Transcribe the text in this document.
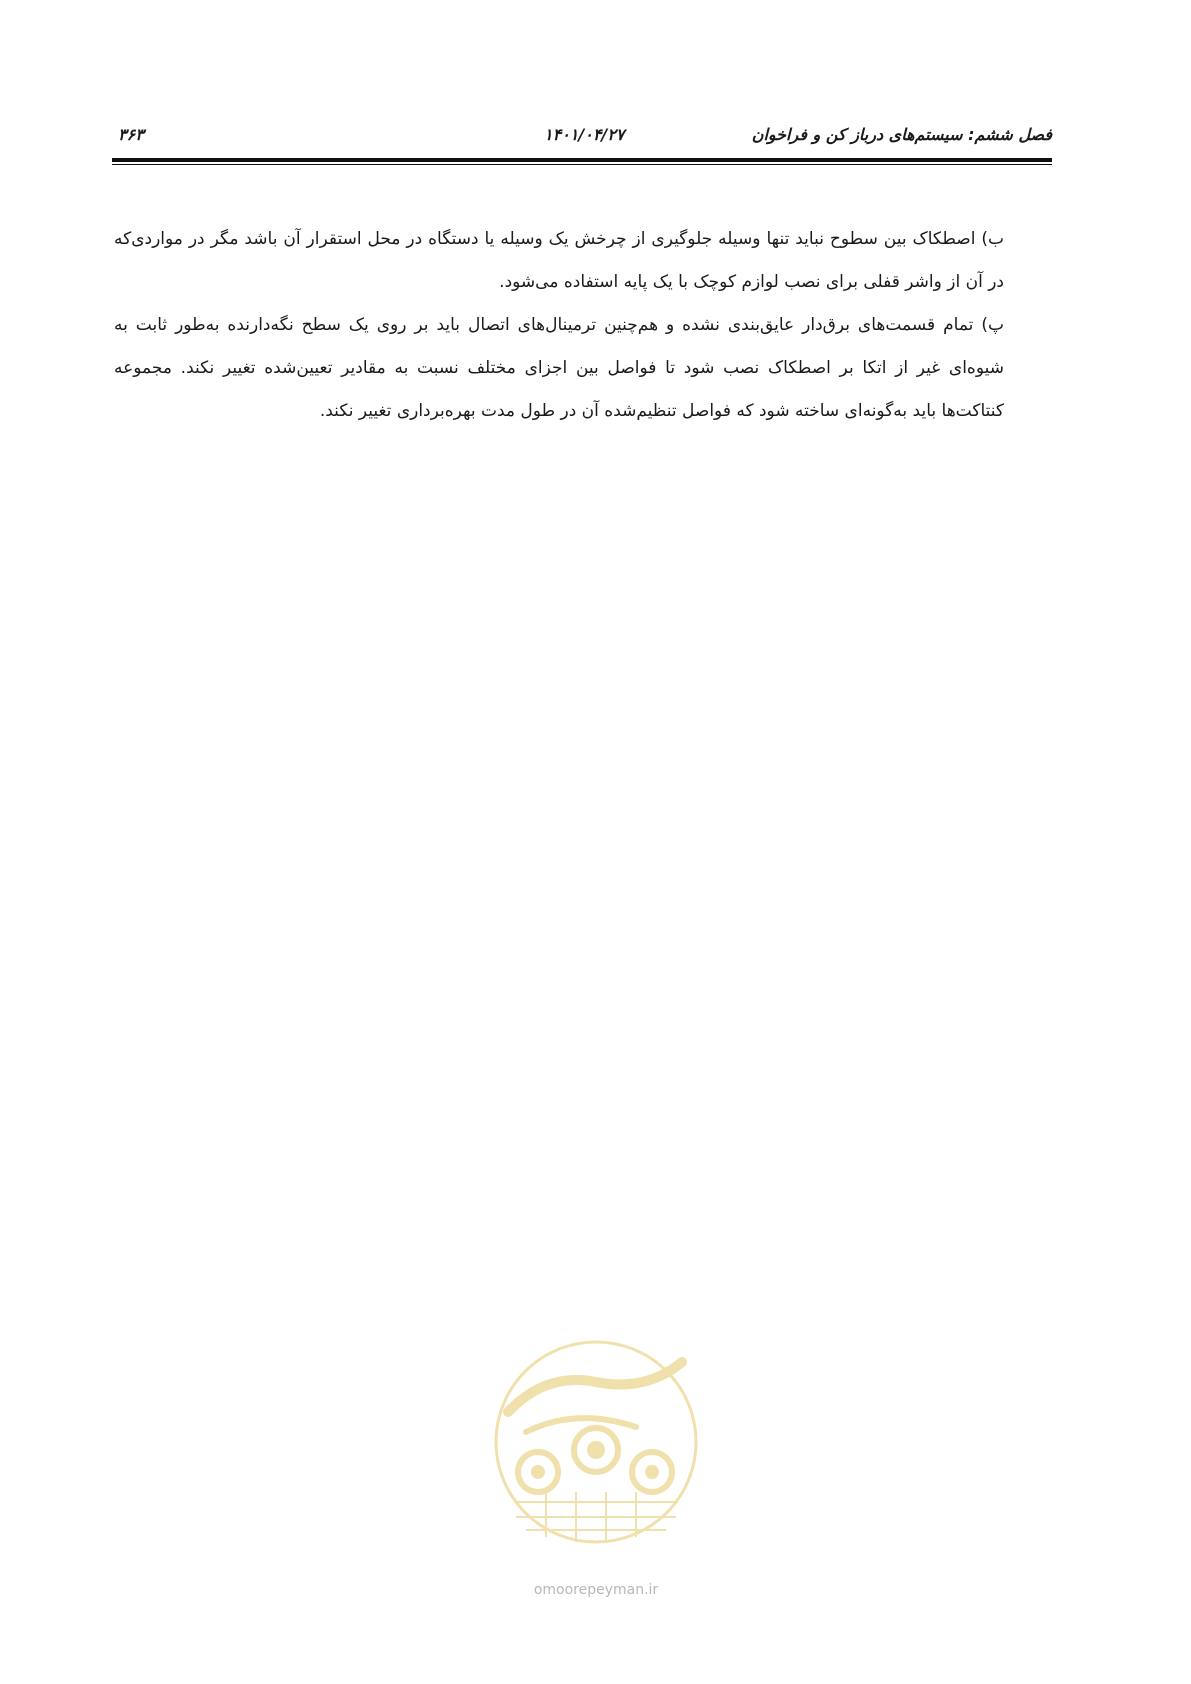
فصل ششم: سیستم‌های درباز کن و فراخوان
۱۴۰۱/۰۴/۲۷
۳۶۳

ب) اصطکاک بین سطوح نباید تنها وسیله جلوگیری از چرخش یک وسیله یا دستگاه در محل استقرار آن باشد مگر در مواردی‌که در آن از واشر قفلی برای نصب لوازم کوچک با یک پایه استفاده می‌شود.

پ) تمام قسمت‌های برق‌دار عایق‌بندی نشده و هم‌چنین ترمینال‌های اتصال باید بر روی یک سطح نگه‌دارنده به‌طور ثابت به شیوه‌ای غیر از اتکا بر اصطکاک نصب شود تا فواصل بین اجزای مختلف نسبت به مقادیر تعیین‌شده تغییر نکند. مجموعه کنتاکت‌ها باید به‌گونه‌ای ساخته شود که فواصل تنظیم‌شده آن در طول مدت بهره‌برداری تغییر نکند.

omoorepeyman.ir
